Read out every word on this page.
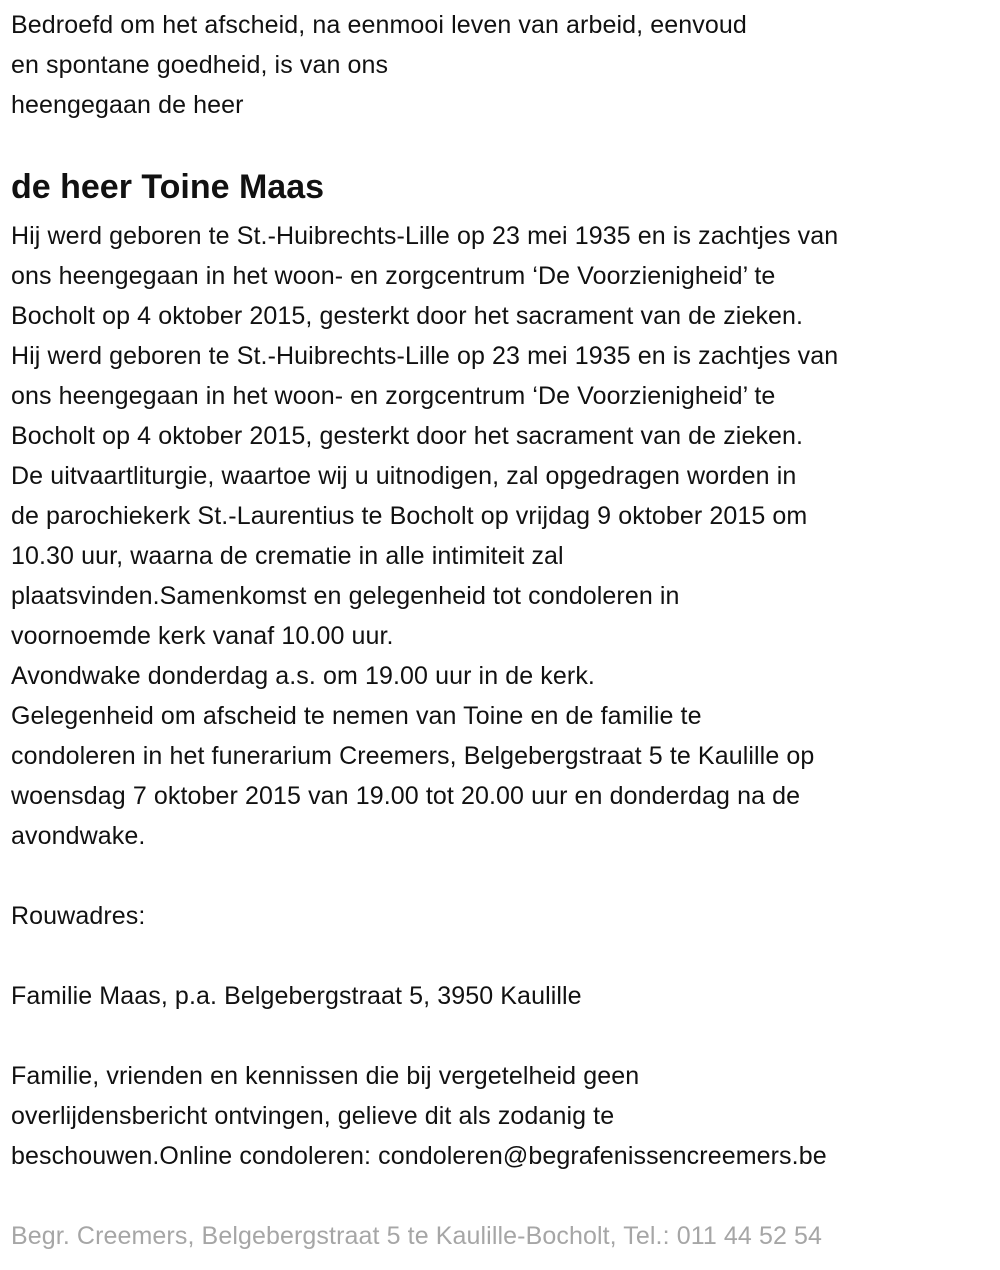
Bedroefd om het afscheid, na eenmooi leven van arbeid, eenvoud
en spontane goedheid, is van ons
heengegaan de heer
de heer Toine Maas
Hij werd geboren te St.-Huibrechts-Lille op 23 mei 1935 en is zachtjes van
ons heengegaan in het woon- en zorgcentrum ‘De Voorzienigheid’ te
Bocholt op 4 oktober 2015, gesterkt door het sacrament van de zieken.
Hij werd geboren te St.-Huibrechts-Lille op 23 mei 1935 en is zachtjes van
ons heengegaan in het woon- en zorgcentrum ‘De Voorzienigheid’ te
Bocholt op 4 oktober 2015, gesterkt door het sacrament van de zieken.
De uitvaartliturgie, waartoe wij u uitnodigen, zal opgedragen worden in
de parochiekerk St.-Laurentius te Bocholt op vrijdag 9 oktober 2015 om
10.30 uur, waarna de crematie in alle intimiteit zal
plaatsvinden.Samenkomst en gelegenheid tot condoleren in
voornoemde kerk vanaf 10.00 uur.
Avondwake donderdag a.s. om 19.00 uur in de kerk.
Gelegenheid om afscheid te nemen van Toine en de familie te
condoleren in het funerarium Creemers, Belgebergstraat 5 te Kaulille op
woensdag 7 oktober 2015 van 19.00 tot 20.00 uur en donderdag na de
avondwake.
Rouwadres:
Familie Maas, p.a. Belgebergstraat 5, 3950 Kaulille
Familie, vrienden en kennissen die bij vergetelheid geen
overlijdensbericht ontvingen, gelieve dit als zodanig te
beschouwen.Online condoleren: condoleren@begrafenissencreemers.be
Begr. Creemers, Belgebergstraat 5 te Kaulille-Bocholt, Tel.: 011 44 52 54
